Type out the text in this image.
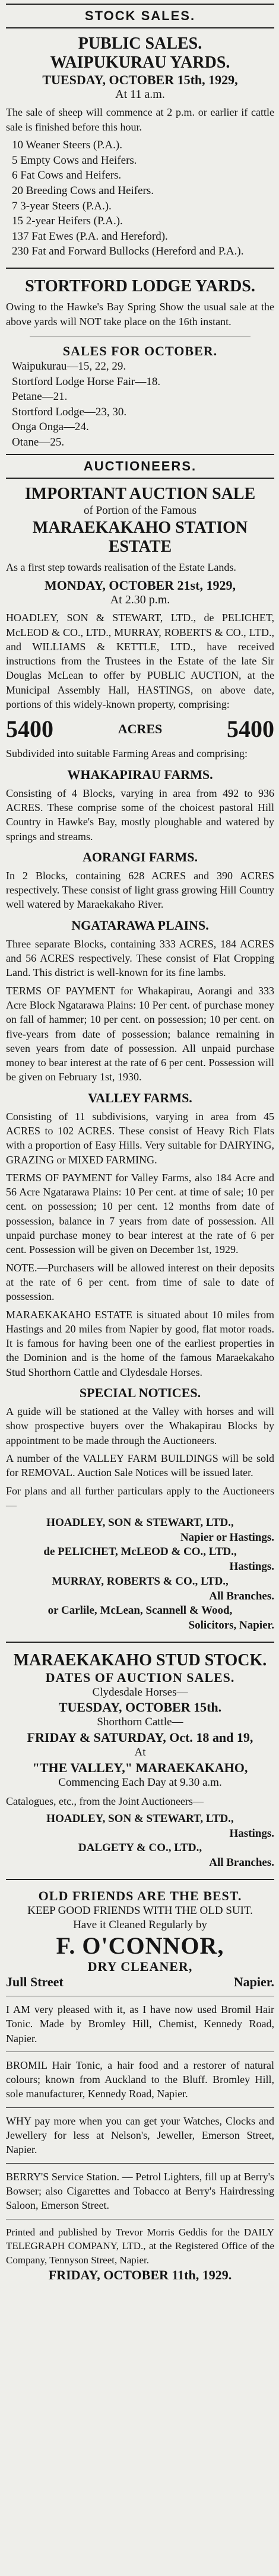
STOCK SALES.
PUBLIC SALES.
WAIPUKURAU YARDS.
TUESDAY, OCTOBER 15th, 1929,
At 11 a.m.

The sale of sheep will commence at 2 p.m. or earlier if cattle sale is finished before this hour.

10 Weaner Steers (P.A.).
5 Empty Cows and Heifers.
6 Fat Cows and Heifers.
20 Breeding Cows and Heifers.
7 3-year Steers (P.A.).
15 2-year Heifers (P.A.).
137 Fat Ewes (P.A. and Hereford).
230 Fat and Forward Bullocks (Hereford and P.A.).
STORTFORD LODGE YARDS.

Owing to the Hawke's Bay Spring Show the usual sale at the above yards will NOT take place on the 16th instant.

SALES FOR OCTOBER.
Waipukurau—15, 22, 29.
Stortford Lodge Horse Fair—18.
Petane—21.
Stortford Lodge—23, 30.
Onga Onga—24.
Otane—25.
AUCTIONEERS.
IMPORTANT AUCTION SALE
of Portion of the Famous
MARAEKAKAHO STATION
ESTATE

As a first step towards realisation of the Estate Lands.

MONDAY, OCTOBER 21st, 1929,
At 2.30 p.m.

HOADLEY, SON & STEWART, LTD., de PELICHET, McLEOD & CO., LTD., MURRAY, ROBERTS & CO., LTD., and WILLIAMS & KETTLE, LTD., have received instructions from the Trustees in the Estate of the late Sir Douglas McLean to offer by PUBLIC AUCTION, at the Municipal Assembly Hall, HASTINGS, on above date, portions of this widely-known property, comprising:

5400	ACRES	5400

Subdivided into suitable Farming Areas and comprising:

WHAKAPIRAU FARMS.

Consisting of 4 Blocks, varying in area from 492 to 936 ACRES. These comprise some of the choicest pastoral Hill Country in Hawke's Bay, mostly ploughable and watered by springs and streams.

AORANGI FARMS.

In 2 Blocks, containing 628 ACRES and 390 ACRES respectively. These consist of light grass growing Hill Country well watered by Maraekakaho River.

NGATARAWA PLAINS.

Three separate Blocks, containing 333 ACRES, 184 ACRES and 56 ACRES respectively. These consist of Flat Cropping Land. This district is well-known for its fine lambs.

TERMS OF PAYMENT for Whakapirau, Aorangi and 333 Acre Block Ngatarawa Plains: 10 Per cent. of purchase money on fall of hammer; 10 per cent. on possession; 10 per cent. on five-years from date of possession; balance remaining in seven years from date of possession. All unpaid purchase money to bear interest at the rate of 6 per cent. Possession will be given on February 1st, 1930.

VALLEY FARMS.

Consisting of 11 subdivisions, varying in area from 45 ACRES to 102 ACRES. These consist of Heavy Rich Flats with a proportion of Easy Hills. Very suitable for DAIRYING, GRAZING or MIXED FARMING.

TERMS OF PAYMENT for Valley Farms, also 184 Acre and 56 Acre Ngatarawa Plains: 10 Per cent. at time of sale; 10 per cent. on possession; 10 per cent. 12 months from date of possession, balance in 7 years from date of possession. All unpaid purchase money to bear interest at the rate of 6 per cent. Possession will be given on December 1st, 1929.

NOTE.—Purchasers will be allowed interest on their deposits at the rate of 6 per cent. from time of sale to date of possession.

MARAEKAKAHO ESTATE is situated about 10 miles from Hastings and 20 miles from Napier by good, flat motor roads. It is famous for having been one of the earliest properties in the Dominion and is the home of the famous Maraekakaho Stud Shorthorn Cattle and Clydesdale Horses.

SPECIAL NOTICES.

A guide will be stationed at the Valley with horses and will show prospective buyers over the Whakapirau Blocks by appointment to be made through the Auctioneers.

A number of the VALLEY FARM BUILDINGS will be sold for REMOVAL. Auction Sale Notices will be issued later.

For plans and all further particulars apply to the Auctioneers—

HOADLEY, SON & STEWART, LTD.,
Napier or Hastings.
de PELICHET, McLEOD & CO., LTD.,
Hastings.
MURRAY, ROBERTS & CO., LTD.,
All Branches.
or Carlile, McLean, Scannell & Wood,
Solicitors, Napier.
MARAEKAKAHO STUD STOCK.
DATES OF AUCTION SALES.
Clydesdale Horses—
TUESDAY, OCTOBER 15th.
Shorthorn Cattle—
FRIDAY & SATURDAY, Oct. 18 and 19,
At
"THE VALLEY," MARAEKAKAHO,
Commencing Each Day at 9.30 a.m.

Catalogues, etc., from the Joint Auctioneers—

HOADLEY, SON & STEWART, LTD.,
Hastings.
DALGETY & CO., LTD.,
All Branches.
OLD FRIENDS ARE THE BEST.
KEEP GOOD FRIENDS WITH THE OLD SUIT.
Have it Cleaned Regularly by
F. O'CONNOR,
DRY CLEANER,
Jull Street	Napier.

I AM very pleased with it, as I have now used Bromil Hair Tonic. Made by Bromley Hill, Chemist, Kennedy Road, Napier.

BROMIL Hair Tonic, a hair food and a restorer of natural colours; known from Auckland to the Bluff. Bromley Hill, sole manufacturer, Kennedy Road, Napier.

WHY pay more when you can get your Watches, Clocks and Jewellery for less at Nelson's, Jeweller, Emerson Street, Napier.

BERRY'S Service Station. — Petrol Lighters, fill up at Berry's Bowser; also Cigarettes and Tobacco at Berry's Hairdressing Saloon, Emerson Street.

Printed and published by Trevor Morris Geddis for the DAILY TELEGRAPH COMPANY, LTD., at the Registered Office of the Company, Tennyson Street, Napier.
FRIDAY, OCTOBER 11th, 1929.
